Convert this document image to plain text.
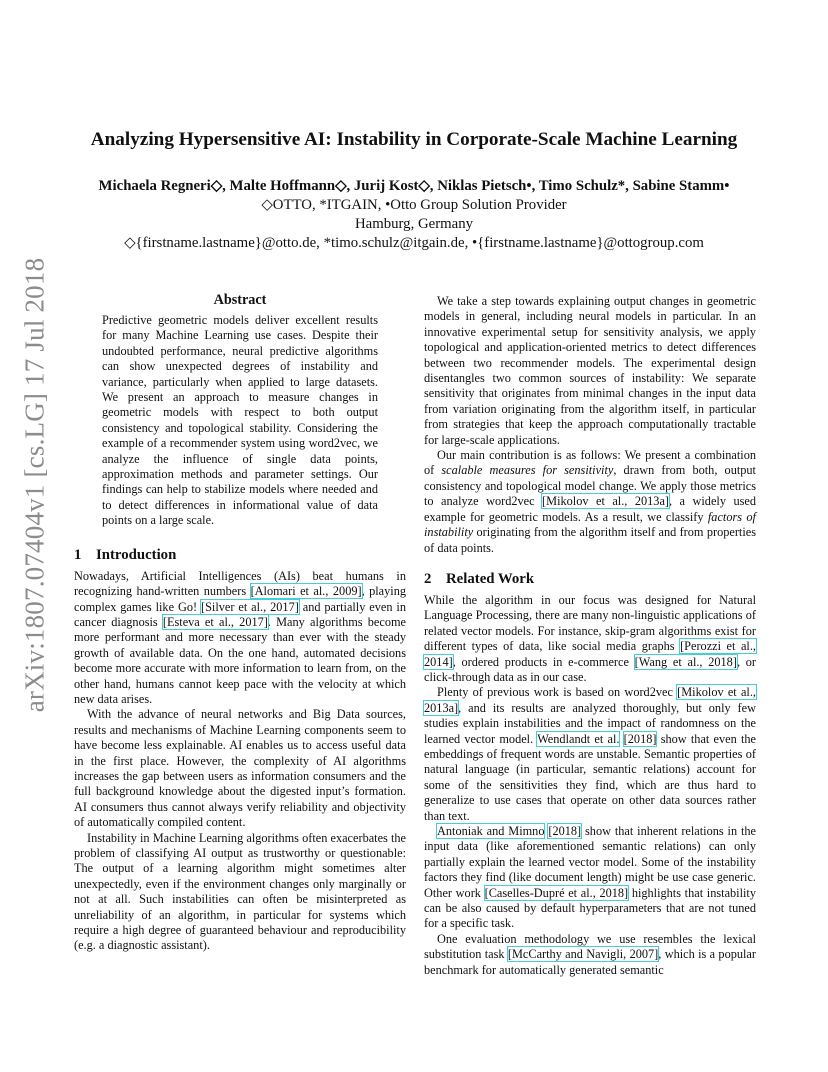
arXiv:1807.07404v1 [cs.LG] 17 Jul 2018
Analyzing Hypersensitive AI: Instability in Corporate-Scale Machine Learning
Michaela Regneri◇, Malte Hoffmann◇, Jurij Kost◇, Niklas Pietsch•, Timo Schulz*, Sabine Stamm•
◇OTTO, *ITGAIN, •Otto Group Solution Provider
Hamburg, Germany
◇{firstname.lastname}@otto.de, *timo.schulz@itgain.de, •{firstname.lastname}@ottogroup.com
Abstract

Predictive geometric models deliver excellent results for many Machine Learning use cases. Despite their undoubted performance, neural predictive algorithms can show unexpected degrees of instability and variance, particularly when applied to large datasets. We present an approach to measure changes in geometric models with respect to both output consistency and topological stability. Considering the example of a recommender system using word2vec, we analyze the influence of single data points, approximation methods and parameter settings. Our findings can help to stabilize models where needed and to detect differences in informational value of data points on a large scale.

1 Introduction

Nowadays, Artificial Intelligences (AIs) beat humans in recognizing hand-written numbers [Alomari et al., 2009], playing complex games like Go! [Silver et al., 2017] and partially even in cancer diagnosis [Esteva et al., 2017]. Many algorithms become more performant and more necessary than ever with the steady growth of available data. On the one hand, automated decisions become more accurate with more information to learn from, on the other hand, humans cannot keep pace with the velocity at which new data arises.

With the advance of neural networks and Big Data sources, results and mechanisms of Machine Learning components seem to have become less explainable. AI enables us to access useful data in the first place. However, the complexity of AI algorithms increases the gap between users as information consumers and the full background knowledge about the digested input’s formation. AI consumers thus cannot always verify reliability and objectivity of automatically compiled content.

Instability in Machine Learning algorithms often exacerbates the problem of classifying AI output as trustworthy or questionable: The output of a learning algorithm might sometimes alter unexpectedly, even if the environment changes only marginally or not at all. Such instabilities can often be misinterpreted as unreliability of an algorithm, in particular for systems which require a high degree of guaranteed behaviour and reproducibility (e.g. a diagnostic assistant).

We take a step towards explaining output changes in geometric models in general, including neural models in particular. In an innovative experimental setup for sensitivity analysis, we apply topological and application-oriented metrics to detect differences between two recommender models. The experimental design disentangles two common sources of instability: We separate sensitivity that originates from minimal changes in the input data from variation originating from the algorithm itself, in particular from strategies that keep the approach computationally tractable for large-scale applications.

Our main contribution is as follows: We present a combination of scalable measures for sensitivity, drawn from both, output consistency and topological model change. We apply those metrics to analyze word2vec [Mikolov et al., 2013a], a widely used example for geometric models. As a result, we classify factors of instability originating from the algorithm itself and from properties of data points.

2 Related Work

While the algorithm in our focus was designed for Natural Language Processing, there are many non-linguistic applications of related vector models. For instance, skip-gram algorithms exist for different types of data, like social media graphs [Perozzi et al., 2014], ordered products in e-commerce [Wang et al., 2018], or click-through data as in our case.

Plenty of previous work is based on word2vec [Mikolov et al., 2013a], and its results are analyzed thoroughly, but only few studies explain instabilities and the impact of randomness on the learned vector model. Wendlandt et al. [2018] show that even the embeddings of frequent words are unstable. Semantic properties of natural language (in particular, semantic relations) account for some of the sensitivities they find, which are thus hard to generalize to use cases that operate on other data sources rather than text.

Antoniak and Mimno [2018] show that inherent relations in the input data (like aforementioned semantic relations) can only partially explain the learned vector model. Some of the instability factors they find (like document length) might be use case generic. Other work [Caselles-Dupré et al., 2018] highlights that instability can be also caused by default hyperparameters that are not tuned for a specific task.

One evaluation methodology we use resembles the lexical substitution task [McCarthy and Navigli, 2007], which is a popular benchmark for automatically generated semantic
